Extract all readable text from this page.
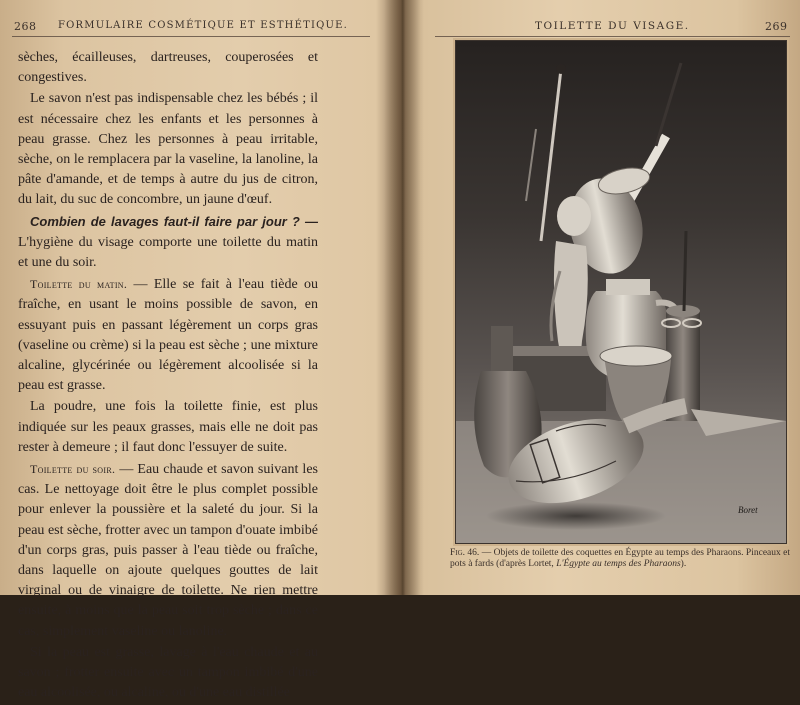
268 FORMULAIRE COSMÉTIQUE ET ESTHÉTIQUE.

sèches, écailleuses, dartreuses, couperosées et congestives.

Le savon n'est pas indispensable chez les bébés ; il est nécessaire chez les enfants et les personnes à peau grasse. Chez les personnes à peau irritable, sèche, on le remplacera par la vaseline, la lanoline, la pâte d'amande, et de temps à autre du jus de citron, du lait, du suc de concombre, un jaune d'œuf.

Combien de lavages faut-il faire par jour ? — L'hygiène du visage comporte une toilette du matin et une du soir.

Toilette du matin. — Elle se fait à l'eau tiède ou fraîche, en usant le moins possible de savon, en essuyant puis en passant légèrement un corps gras (vaseline ou crème) si la peau est sèche ; une mixture alcaline, glycérinée ou légèrement alcoolisée si la peau est grasse.

La poudre, une fois la toilette finie, est plus indiquée sur les peaux grasses, mais elle ne doit pas rester à demeure ; il faut donc l'essuyer de suite.

Toilette du soir. — Eau chaude et savon suivant les cas. Le nettoyage doit être le plus complet possible pour enlever la poussière et la saleté du jour. Si la peau est sèche, frotter avec un tampon d'ouate imbibé d'un corps gras, puis passer à l'eau tiède ou fraîche, dans laquelle on ajoute quelques gouttes de lait virginal ou de vinaigre de toilette. Ne rien mettre ensuite, à moins que la peau soit trop sèche ; dans ce cas, simplement vaseline ou lanoline.

Si la peau est grasse, lavage à l'eau chaude et au savon ; frotter ensuite avec un tampon imbibé d'une eau alcoolisée, ou alcaline, ou d'une eau distillée

TOILETTE DU VISAGE.	269
Boret
Fig. 46. — Objets de toilette des coquettes en Égypte au temps des Pharaons. Pinceaux et pots à fards (d'après Lortet, L'Égypte au temps des Pharaons).
